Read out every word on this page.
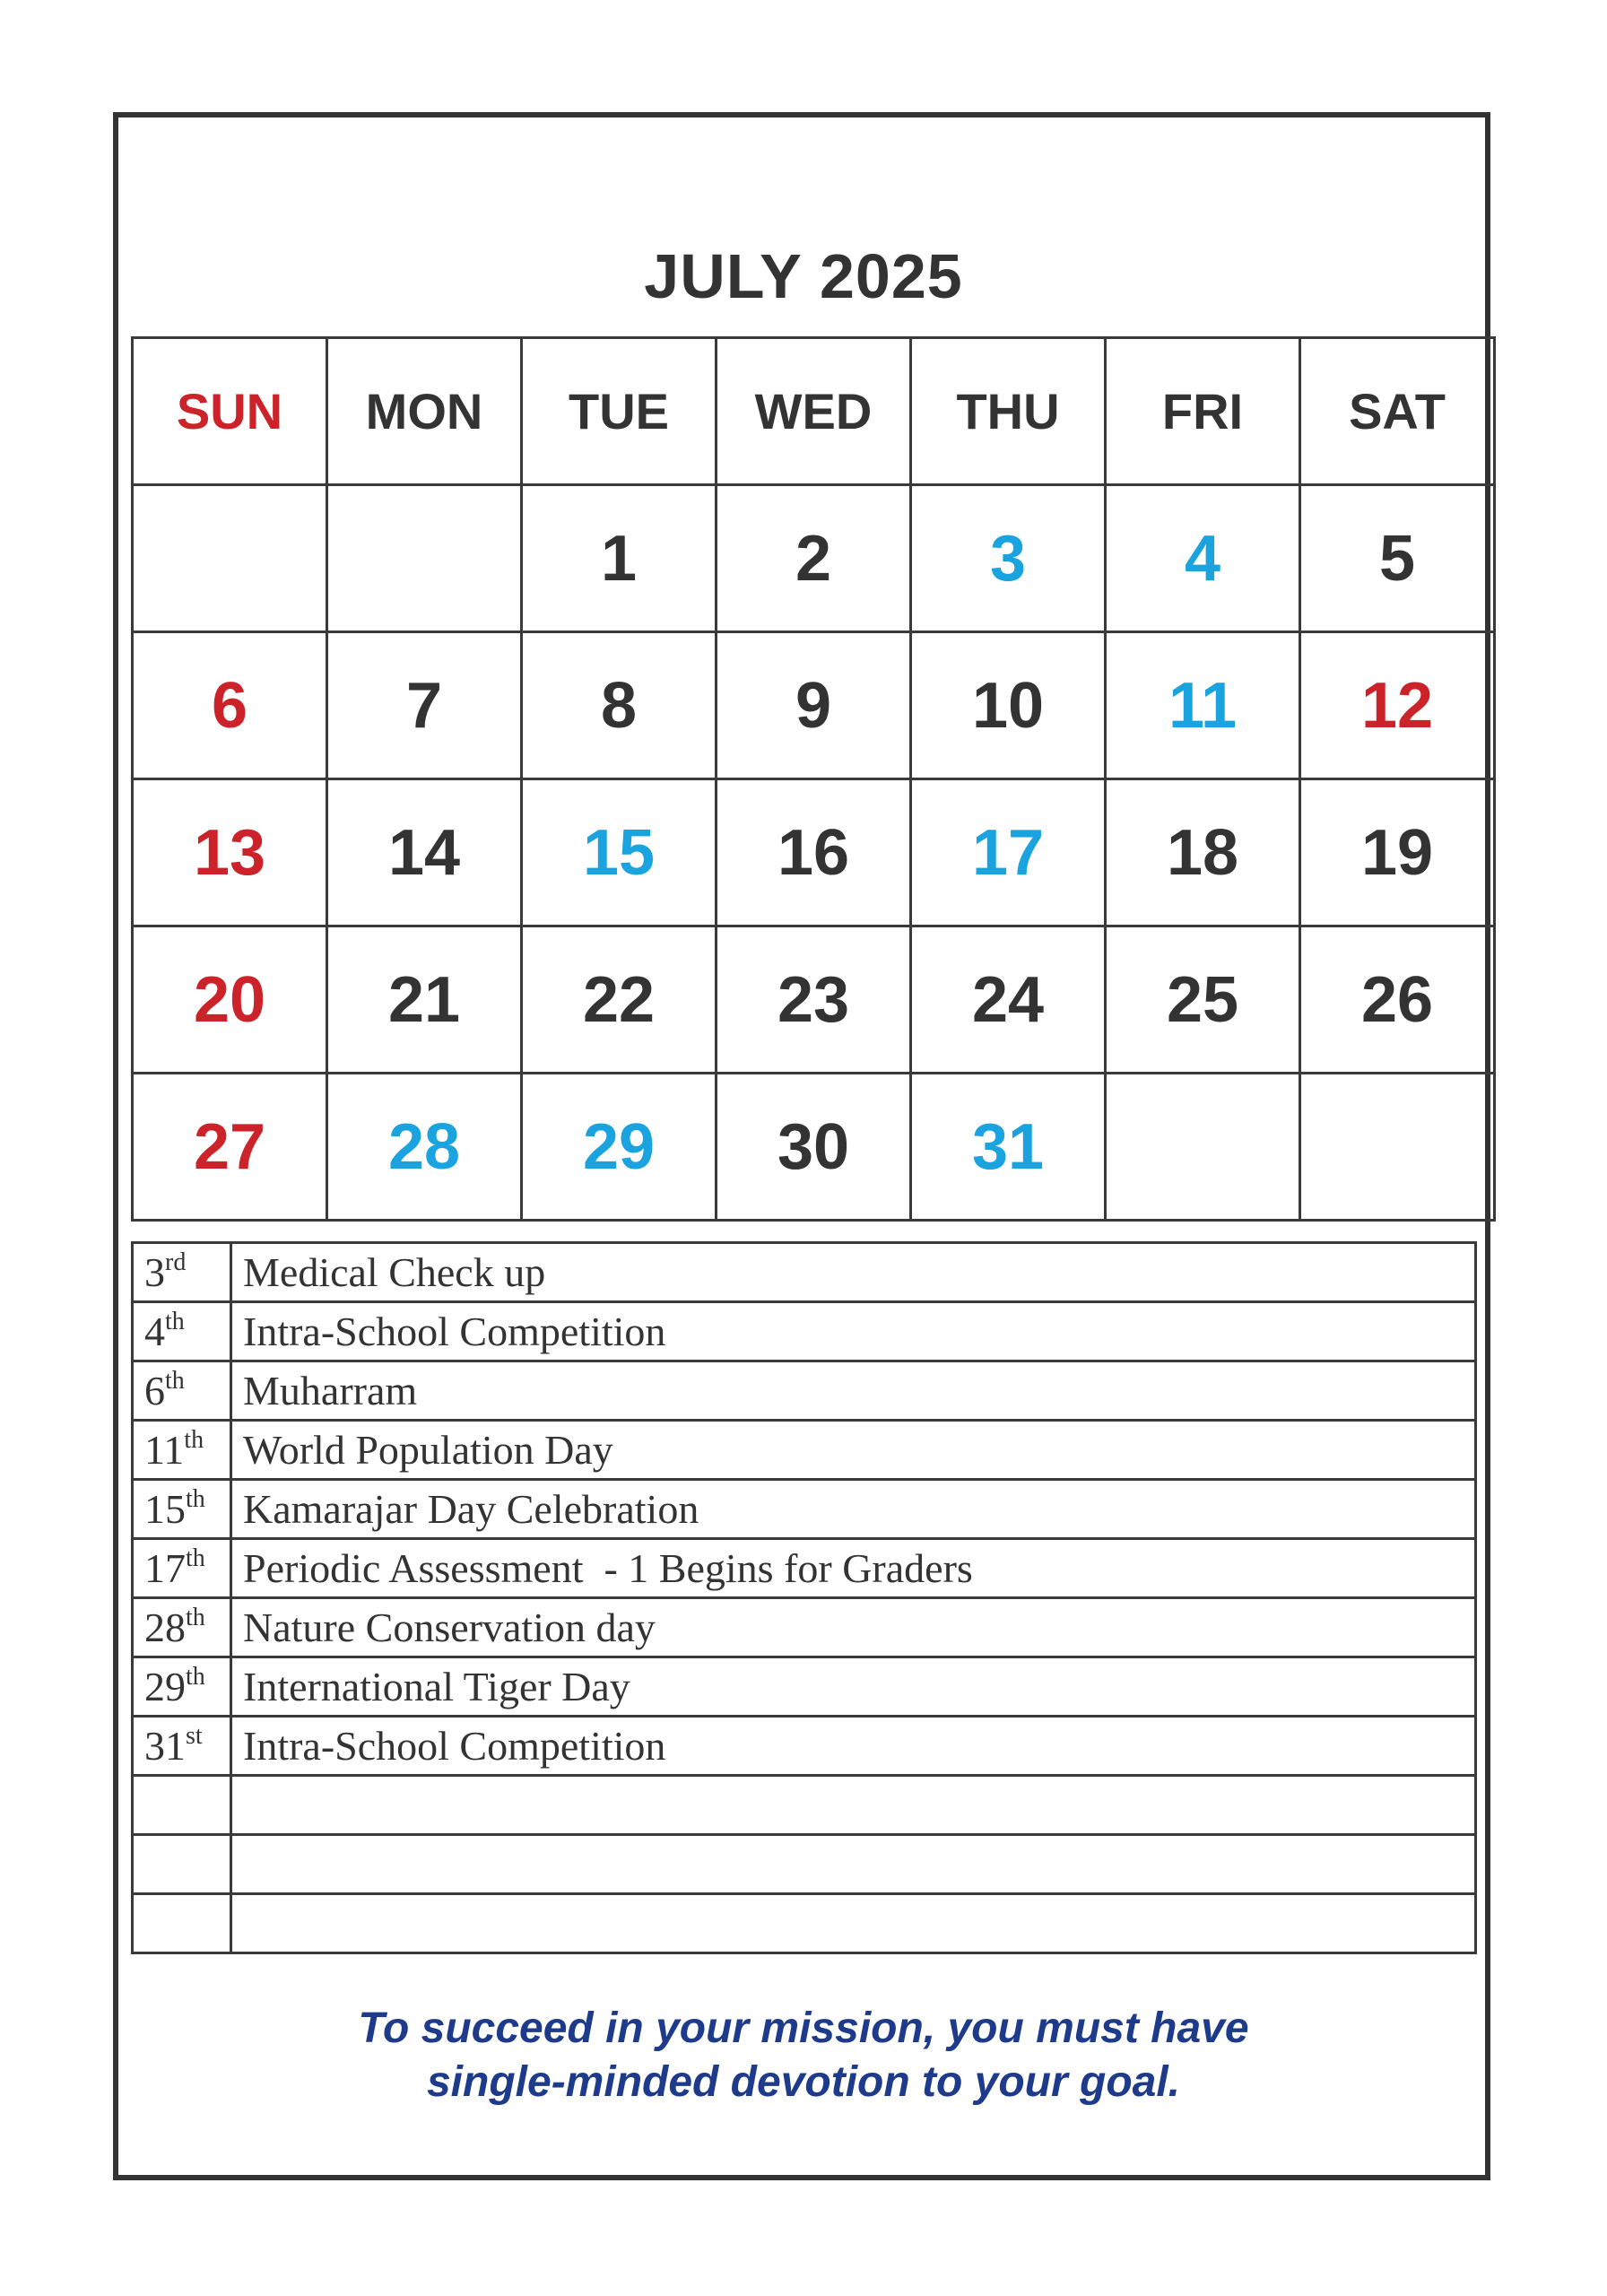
JULY 2025
SUN	MON	TUE	WED	THU	FRI	SAT
		1	2	3	4	5
6	7	8	9	10	11	12
13	14	15	16	17	18	19
20	21	22	23	24	25	26
27	28	29	30	31		
3rd	Medical Check up
4th	Intra-School Competition
6th	Muharram
11th	World Population Day
15th	Kamarajar Day Celebration
17th	Periodic Assessment  - 1 Begins for Graders
28th	Nature Conservation day
29th	International Tiger Day
31st	Intra-School Competition

To succeed in your mission, you must have
single-minded devotion to your goal.
